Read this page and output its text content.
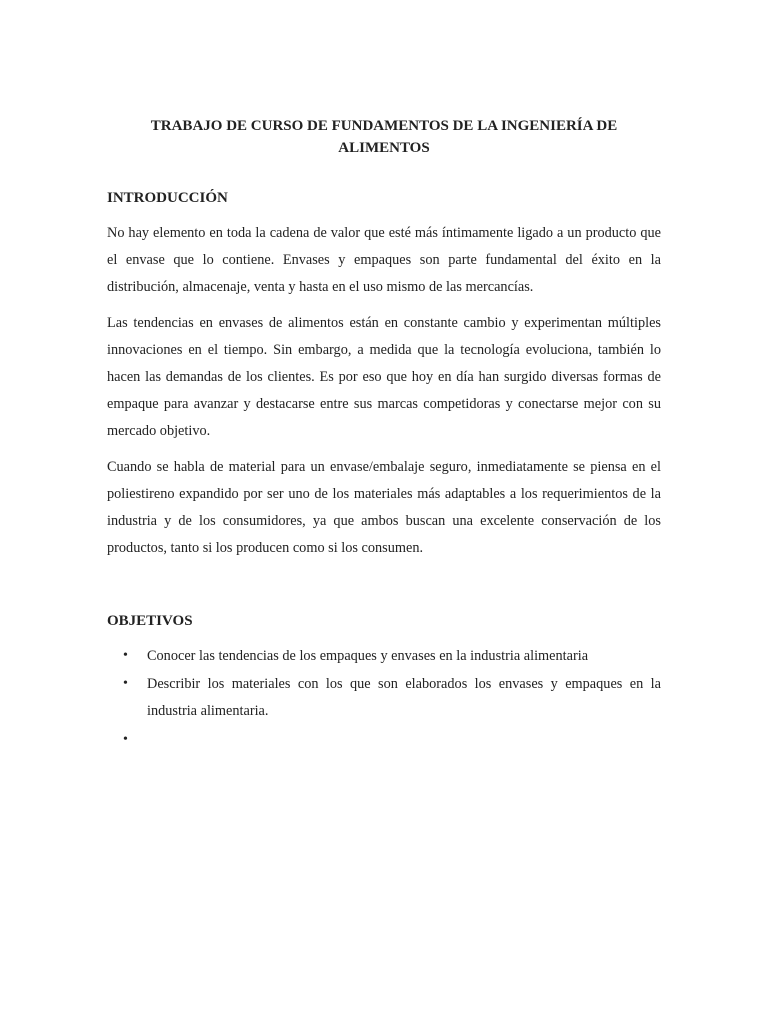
TRABAJO DE CURSO DE FUNDAMENTOS DE LA INGENIERÍA DE ALIMENTOS
INTRODUCCIÓN

No hay elemento en toda la cadena de valor que esté más íntimamente ligado a un producto que el envase que lo contiene. Envases y empaques son parte fundamental del éxito en la distribución, almacenaje, venta y hasta en el uso mismo de las mercancías.

Las tendencias en envases de alimentos están en constante cambio y experimentan múltiples innovaciones en el tiempo. Sin embargo, a medida que la tecnología evoluciona, también lo hacen las demandas de los clientes. Es por eso que hoy en día han surgido diversas formas de empaque para avanzar y destacarse entre sus marcas competidoras y conectarse mejor con su mercado objetivo.

Cuando se habla de material para un envase/embalaje seguro, inmediatamente se piensa en el poliestireno expandido por ser uno de los materiales más adaptables a los requerimientos de la industria y de los consumidores, ya que ambos buscan una excelente conservación de los productos, tanto si los producen como si los consumen.

OBJETIVOS
•	Conocer las tendencias de los empaques y envases en la industria alimentaria
•	Describir los materiales con los que son elaborados los envases y empaques en la industria alimentaria.
•
